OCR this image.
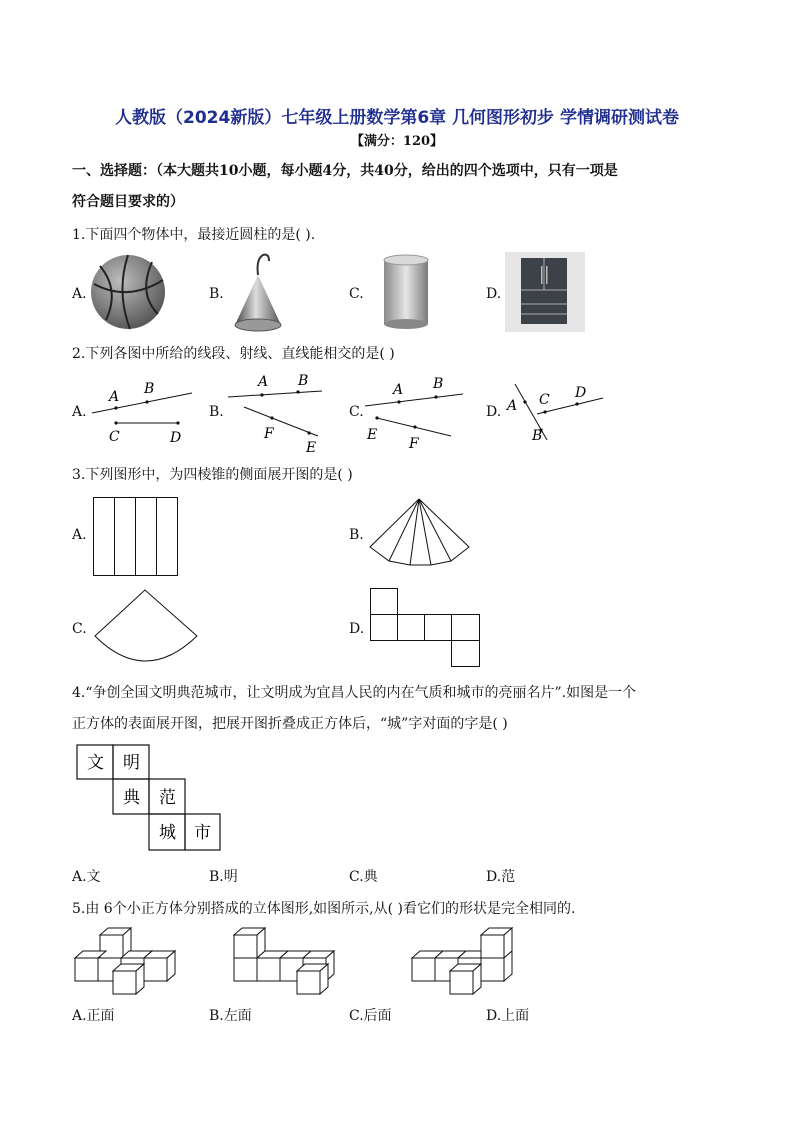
人教版（2024新版）七年级上册数学第6章 几何图形初步 学情调研测试卷
【满分：120】
一、选择题：（本大题共10小题，每小题4分，共40分，给出的四个选项中，只有一项是
符合题目要求的）
1.下面四个物体中，最接近圆柱的是( ).
A.	B.	C.	D.
2.下列各图中所给的线段、射线、直线能相交的是( )
A.	B.	C.	D.
A B
C	D
A B
F
E
A B
E
F
A C D
B
3.下列图形中，为四棱锥的侧面展开图的是( )
A.	B.
C.	D.
4.“争创全国文明典范城市，让文明成为宜昌人民的内在气质和城市的亮丽名片”.如图是一个
正方体的表面展开图，把展开图折叠成正方体后，“城”字对面的字是( )
文 明
典 范
城 市
A.文	B.明	C.典	D.范
5.由 6个小正方体分别搭成的立体图形,如图所示,从( )看它们的形状是完全相同的.
A.正面	B.左面	C.后面	D.上面
